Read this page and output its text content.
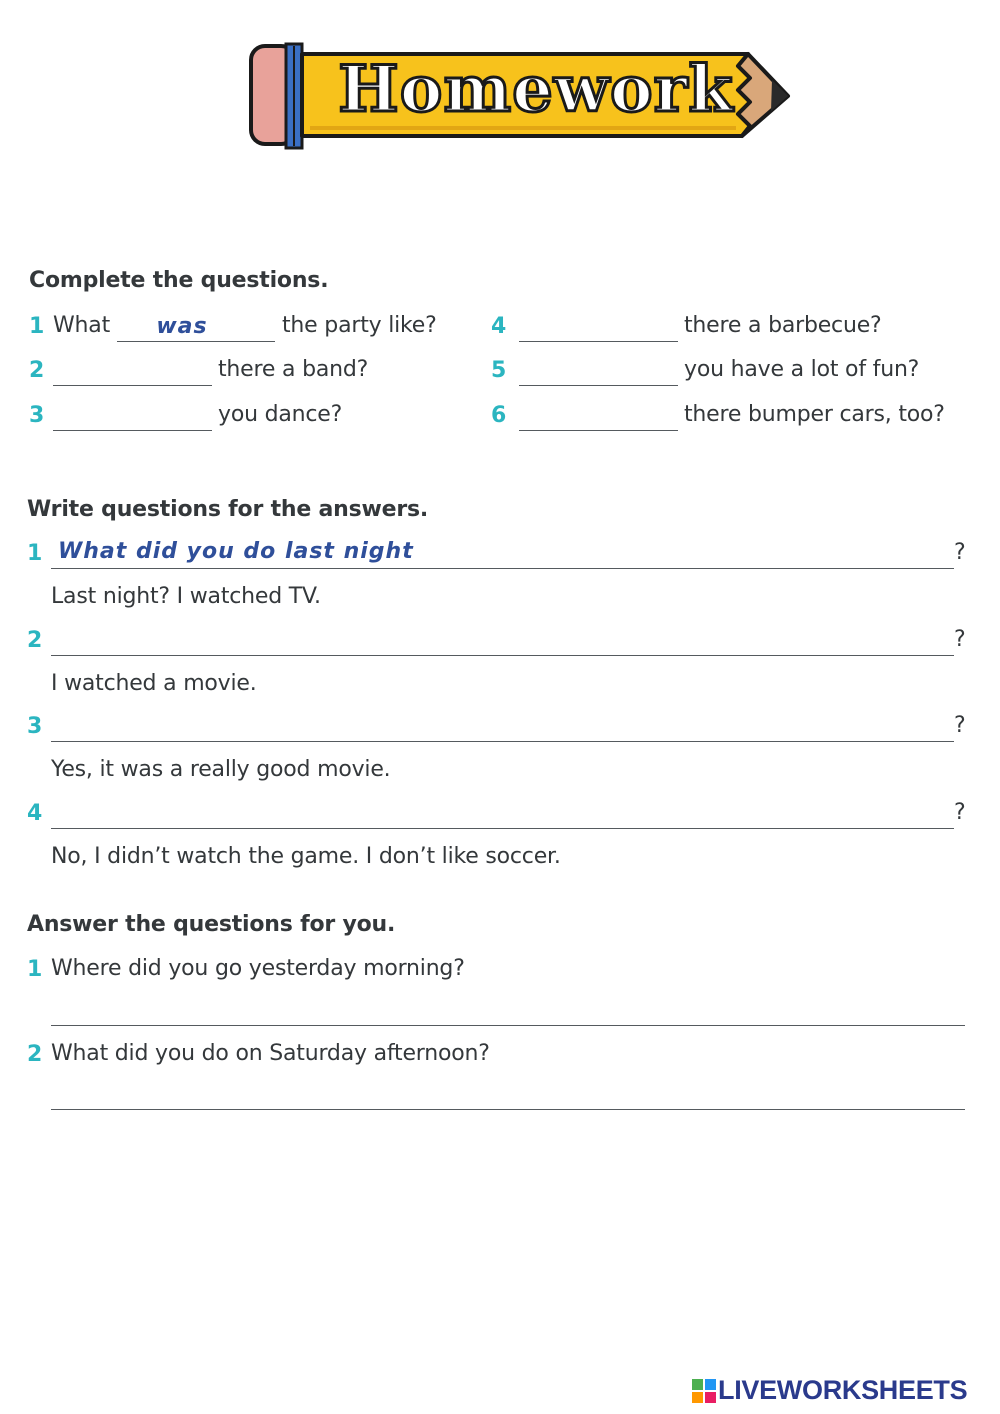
Homework
Complete the questions.
1 What	was	the party like?
2	there a band?
3	you dance?
4	there a barbecue?
5	you have a lot of fun?
6	there bumper cars, too?
Write questions for the answers.
1 What did you do last night	?
Last night? I watched TV.
2	?
I watched a movie.
3	?
Yes, it was a really good movie.
4	?
No, I didn’t watch the game. I don’t like soccer.
Answer the questions for you.
1 Where did you go yesterday morning?
2 What did you do on Saturday afternoon?
LIVEWORKSHEETS
